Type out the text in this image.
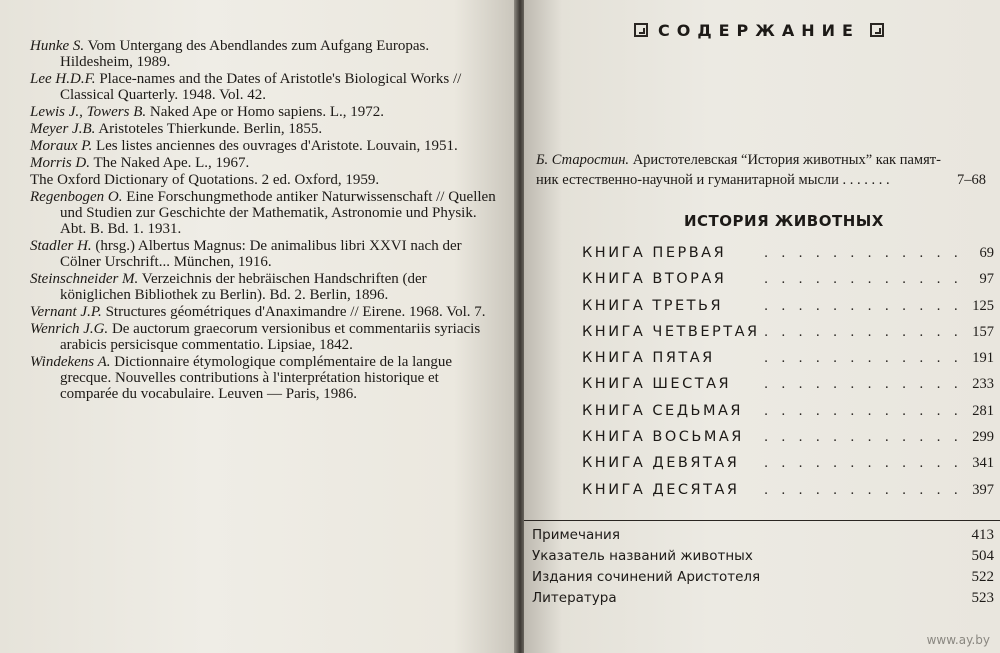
Hunke S. Vom Untergang des Abendlandes zum Aufgang Europas. Hildesheim, 1989.
Lee H.D.F. Place-names and the Dates of Aristotle's Biological Works // Classical Quarterly. 1948. Vol. 42.
Lewis J., Towers B. Naked Ape or Homo sapiens. L., 1972.
Meyer J.B. Aristoteles Thierkunde. Berlin, 1855.
Moraux P. Les listes anciennes des ouvrages d'Aristote. Louvain, 1951.
Morris D. The Naked Ape. L., 1967.
The Oxford Dictionary of Quotations. 2 ed. Oxford, 1959.
Regenbogen O. Eine Forschungmethode antiker Naturwissenschaft // Quellen und Studien zur Geschichte der Mathematik, Astronomie und Physik. Abt. B. Bd. 1. 1931.
Stadler H. (hrsg.) Albertus Magnus: De animalibus libri XXVI nach der Cölner Urschrift... München, 1916.
Steinschneider M. Verzeichnis der hebräischen Handschriften (der königlichen Bibliothek zu Berlin). Bd. 2. Berlin, 1896.
Vernant J.P. Structures géométriques d'Anaximandre // Eirene. 1968. Vol. 7.
Wenrich J.G. De auctorum graecorum versionibus et commentariis syriacis arabicis persicisque commentatio. Lipsiae, 1842.
Windekens A. Dictionnaire étymologique complémentaire de la langue grecque. Nouvelles contributions à l'interprétation historique et comparée du vocabulaire. Leuven — Paris, 1986.
СОДЕРЖАНИЕ
Б. Старостин. Аристотелевская “История животных” как памят-
ник естественно-научной и гуманитарной мысли . . . . . . .	7–68
ИСТОРИЯ ЖИВОТНЫХ
КНИГА ПЕРВАЯ	. . . . . . . . . . . .	69
КНИГА ВТОРАЯ	. . . . . . . . . . . .	97
КНИГА ТРЕТЬЯ	. . . . . . . . . . . . 125
КНИГА ЧЕТВЕРТАЯ . . . . . . . . . . . . 157
КНИГА ПЯТАЯ	. . . . . . . . . . . . 191
КНИГА ШЕСТАЯ	. . . . . . . . . . . . 233
КНИГА СЕДЬМАЯ	. . . . . . . . . . . . 281
КНИГА ВОСЬМАЯ	. . . . . . . . . . . . 299
КНИГА ДЕВЯТАЯ	. . . . . . . . . . . . 341
КНИГА ДЕСЯТАЯ	. . . . . . . . . . . . 397
Примечания	413
Указатель названий животных	504
Издания сочинений Аристотеля	522
Литература	523
www.ay.by
